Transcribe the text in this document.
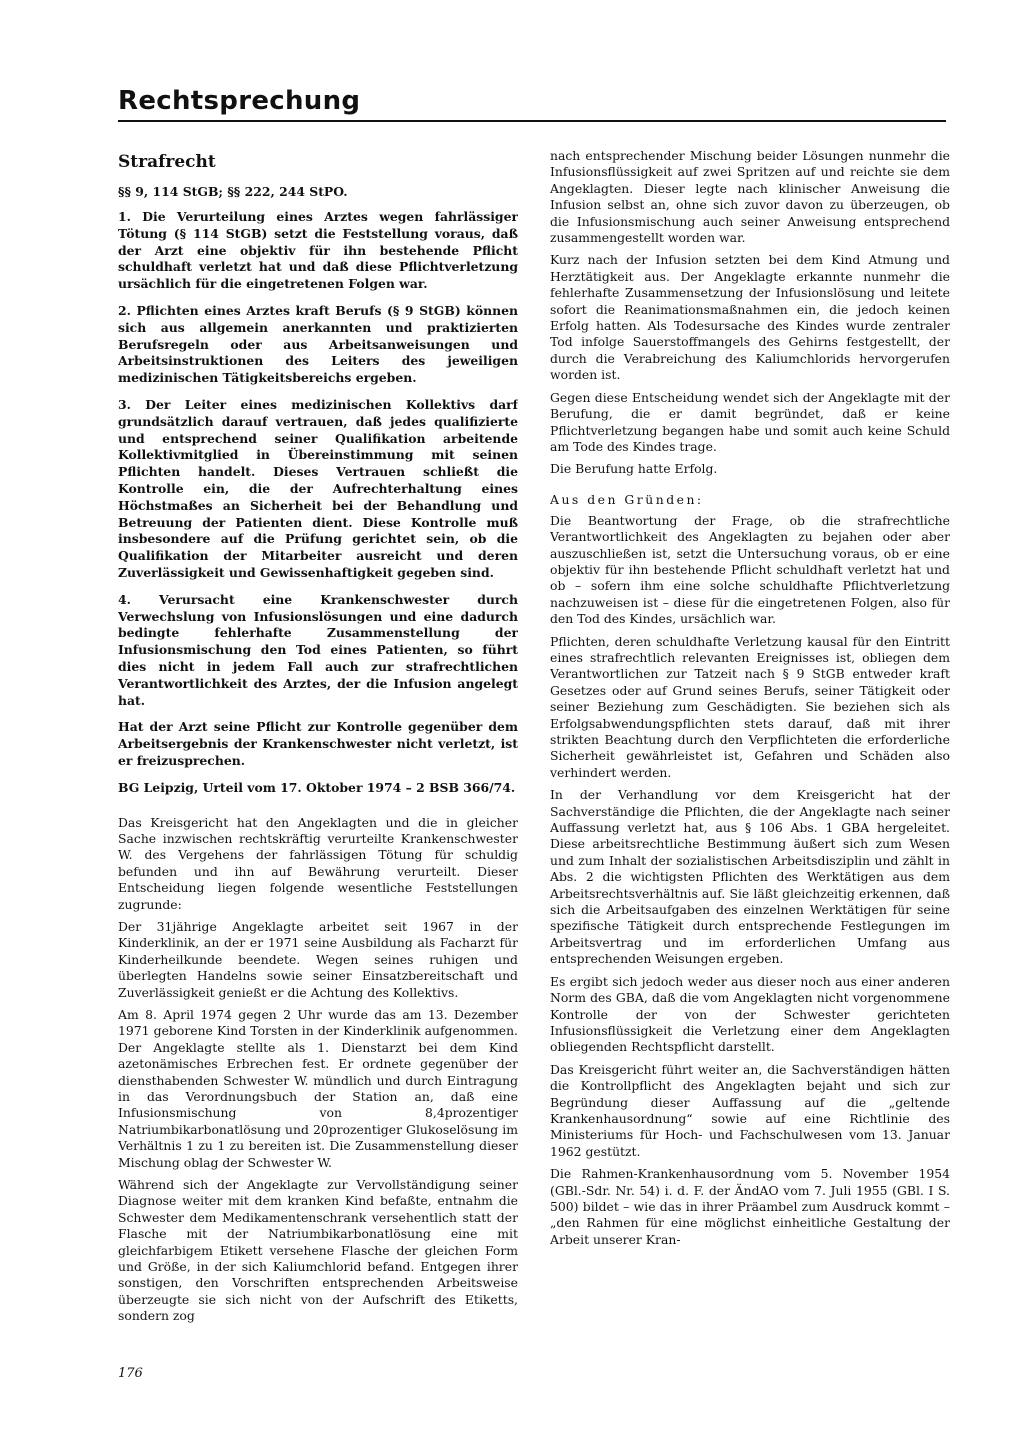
Rechtsprechung
Strafrecht
§§ 9, 114 StGB; §§ 222, 244 StPO.

1. Die Verurteilung eines Arztes wegen fahrlässiger Tötung (§ 114 StGB) setzt die Feststellung voraus, daß der Arzt eine objektiv für ihn bestehende Pflicht schuldhaft verletzt hat und daß diese Pflichtverletzung ursächlich für die eingetretenen Folgen war.

2. Pflichten eines Arztes kraft Berufs (§ 9 StGB) können sich aus allgemein anerkannten und praktizierten Berufsregeln oder aus Arbeitsanweisungen und Arbeitsinstruktionen des Leiters des jeweiligen medizinischen Tätigkeitsbereichs ergeben.

3. Der Leiter eines medizinischen Kollektivs darf grundsätzlich darauf vertrauen, daß jedes qualifizierte und entsprechend seiner Qualifikation arbeitende Kollektivmitglied in Übereinstimmung mit seinen Pflichten handelt. Dieses Vertrauen schließt die Kontrolle ein, die der Aufrechterhaltung eines Höchstmaßes an Sicherheit bei der Behandlung und Betreuung der Patienten dient. Diese Kontrolle muß insbesondere auf die Prüfung gerichtet sein, ob die Qualifikation der Mitarbeiter ausreicht und deren Zuverlässigkeit und Gewissenhaftigkeit gegeben sind.

4. Verursacht eine Krankenschwester durch Verwechslung von Infusionslösungen und eine dadurch bedingte fehlerhafte Zusammenstellung der Infusionsmischung den Tod eines Patienten, so führt dies nicht in jedem Fall auch zur strafrechtlichen Verantwortlichkeit des Arztes, der die Infusion angelegt hat.

Hat der Arzt seine Pflicht zur Kontrolle gegenüber dem Arbeitsergebnis der Krankenschwester nicht verletzt, ist er freizusprechen.

BG Leipzig, Urteil vom 17. Oktober 1974 – 2 BSB 366/74.

Das Kreisgericht hat den Angeklagten und die in gleicher Sache inzwischen rechtskräftig verurteilte Krankenschwester W. des Vergehens der fahrlässigen Tötung für schuldig befunden und ihn auf Bewährung verurteilt. Dieser Entscheidung liegen folgende wesentliche Feststellungen zugrunde:

Der 31jährige Angeklagte arbeitet seit 1967 in der Kinderklinik, an der er 1971 seine Ausbildung als Facharzt für Kinderheilkunde beendete. Wegen seines ruhigen und überlegten Handelns sowie seiner Einsatzbereitschaft und Zuverlässigkeit genießt er die Achtung des Kollektivs.

Am 8. April 1974 gegen 2 Uhr wurde das am 13. Dezember 1971 geborene Kind Torsten in der Kinderklinik aufgenommen. Der Angeklagte stellte als 1. Dienstarzt bei dem Kind azetonämisches Erbrechen fest. Er ordnete gegenüber der diensthabenden Schwester W. mündlich und durch Eintragung in das Verordnungsbuch der Station an, daß eine Infusionsmischung von 8,4prozentiger Natriumbikarbonatlösung und 20prozentiger Glukoselösung im Verhältnis 1 zu 1 zu bereiten ist. Die Zusammenstellung dieser Mischung oblag der Schwester W.

Während sich der Angeklagte zur Vervollständigung seiner Diagnose weiter mit dem kranken Kind befaßte, entnahm die Schwester dem Medikamentenschrank versehentlich statt der Flasche mit der Natriumbikarbonatlösung eine mit gleichfarbigem Etikett versehene Flasche der gleichen Form und Größe, in der sich Kaliumchlorid befand. Entgegen ihrer sonstigen, den Vorschriften entsprechenden Arbeitsweise überzeugte sie sich nicht von der Aufschrift des Etiketts, sondern zog

nach entsprechender Mischung beider Lösungen nunmehr die Infusionsflüssigkeit auf zwei Spritzen auf und reichte sie dem Angeklagten. Dieser legte nach klinischer Anweisung die Infusion selbst an, ohne sich zuvor davon zu überzeugen, ob die Infusionsmischung auch seiner Anweisung entsprechend zusammengestellt worden war.

Kurz nach der Infusion setzten bei dem Kind Atmung und Herztätigkeit aus. Der Angeklagte erkannte nunmehr die fehlerhafte Zusammensetzung der Infusionslösung und leitete sofort die Reanimationsmaßnahmen ein, die jedoch keinen Erfolg hatten. Als Todesursache des Kindes wurde zentraler Tod infolge Sauerstoffmangels des Gehirns festgestellt, der durch die Verabreichung des Kaliumchlorids hervorgerufen worden ist.

Gegen diese Entscheidung wendet sich der Angeklagte mit der Berufung, die er damit begründet, daß er keine Pflichtverletzung begangen habe und somit auch keine Schuld am Tode des Kindes trage.

Die Berufung hatte Erfolg.

Aus den Gründen:

Die Beantwortung der Frage, ob die strafrechtliche Verantwortlichkeit des Angeklagten zu bejahen oder aber auszuschließen ist, setzt die Untersuchung voraus, ob er eine objektiv für ihn bestehende Pflicht schuldhaft verletzt hat und ob – sofern ihm eine solche schuldhafte Pflichtverletzung nachzuweisen ist – diese für die eingetretenen Folgen, also für den Tod des Kindes, ursächlich war.

Pflichten, deren schuldhafte Verletzung kausal für den Eintritt eines strafrechtlich relevanten Ereignisses ist, obliegen dem Verantwortlichen zur Tatzeit nach § 9 StGB entweder kraft Gesetzes oder auf Grund seines Berufs, seiner Tätigkeit oder seiner Beziehung zum Geschädigten. Sie beziehen sich als Erfolgsabwendungspflichten stets darauf, daß mit ihrer strikten Beachtung durch den Verpflichteten die erforderliche Sicherheit gewährleistet ist, Gefahren und Schäden also verhindert werden.

In der Verhandlung vor dem Kreisgericht hat der Sachverständige die Pflichten, die der Angeklagte nach seiner Auffassung verletzt hat, aus § 106 Abs. 1 GBA hergeleitet. Diese arbeitsrechtliche Bestimmung äußert sich zum Wesen und zum Inhalt der sozialistischen Arbeitsdisziplin und zählt in Abs. 2 die wichtigsten Pflichten des Werktätigen aus dem Arbeitsrechtsverhältnis auf. Sie läßt gleichzeitig erkennen, daß sich die Arbeitsaufgaben des einzelnen Werktätigen für seine spezifische Tätigkeit durch entsprechende Festlegungen im Arbeitsvertrag und im erforderlichen Umfang aus entsprechenden Weisungen ergeben.

Es ergibt sich jedoch weder aus dieser noch aus einer anderen Norm des GBA, daß die vom Angeklagten nicht vorgenommene Kontrolle der von der Schwester gerichteten Infusionsflüssigkeit die Verletzung einer dem Angeklagten obliegenden Rechtspflicht darstellt.

Das Kreisgericht führt weiter an, die Sachverständigen hätten die Kontrollpflicht des Angeklagten bejaht und sich zur Begründung dieser Auffassung auf die „geltende Krankenhausordnung“ sowie auf eine Richtlinie des Ministeriums für Hoch- und Fachschulwesen vom 13. Januar 1962 gestützt.

Die Rahmen-Krankenhausordnung vom 5. November 1954 (GBl.-Sdr. Nr. 54) i. d. F. der ÄndAO vom 7. Juli 1955 (GBl. I S. 500) bildet – wie das in ihrer Präambel zum Ausdruck kommt – „den Rahmen für eine möglichst einheitliche Gestaltung der Arbeit unserer Kran-

176
